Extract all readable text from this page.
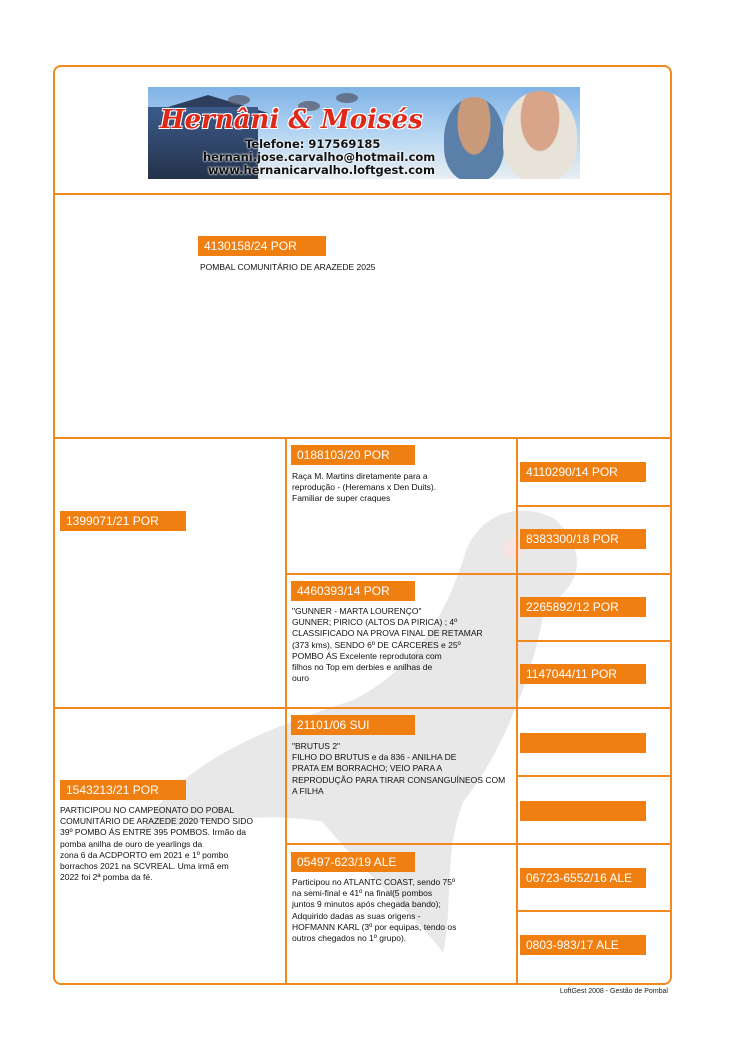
Hernâni & Moisés
Telefone: 917569185
hernani.jose.carvalho@hotmail.com
www.hernanicarvalho.loftgest.com
4130158/24 POR
POMBAL COMUNITÁRIO DE ARAZEDE 2025
1399071/21 POR
1543213/21 POR
PARTICIPOU NO CAMPEONATO DO POBAL
COMUNITÁRIO DE ARAZEDE 2020 TENDO SIDO
39º POMBO ÁS ENTRE 395 POMBOS. Irmão da
pomba anilha de ouro de yearlings da
zona 6 da ACDPORTO em 2021 e 1º pombo
borrachos 2021 na SCVREAL. Uma irmã em
2022 foi 2ª pomba da fé.
0188103/20 POR
Raça M. Martins diretamente para a
reprodução - (Heremans x Den Duits).
Familiar de super craques
4460393/14 POR
"GUNNER - MARTA LOURENÇO"
GUNNER; PIRICO (ALTOS DA PIRICA) ; 4º
CLASSIFICADO NA PROVA FINAL DE RETAMAR
(373 kms), SENDO 6º DE CÁRCERES e 25º
POMBO ÁS Excelente reprodutora com
filhos no Top em derbies e anilhas de
ouro
21101/06 SUI
"BRUTUS 2"
FILHO DO BRUTUS e da 836 - ANILHA DE
PRATA EM BORRACHO; VEIO PARA A
REPRODUÇÃO PARA TIRAR CONSANGUÍNEOS COM
A FILHA
05497-623/19 ALE
Participou no ATLANTC COAST, sendo 75º
na semi-final e 41º na final(5 pombos
juntos 9 minutos após chegada bando);
Adquirido dadas as suas origens -
HOFMANN KARL (3º por equipas, tendo os
outros chegados no 1º grupo).
4110290/14 POR
8383300/18 POR
2265892/12 POR
1147044/11 POR
06723-6552/16 ALE
0803-983/17 ALE
LoftGest 2008 - Gestão de Pombal
